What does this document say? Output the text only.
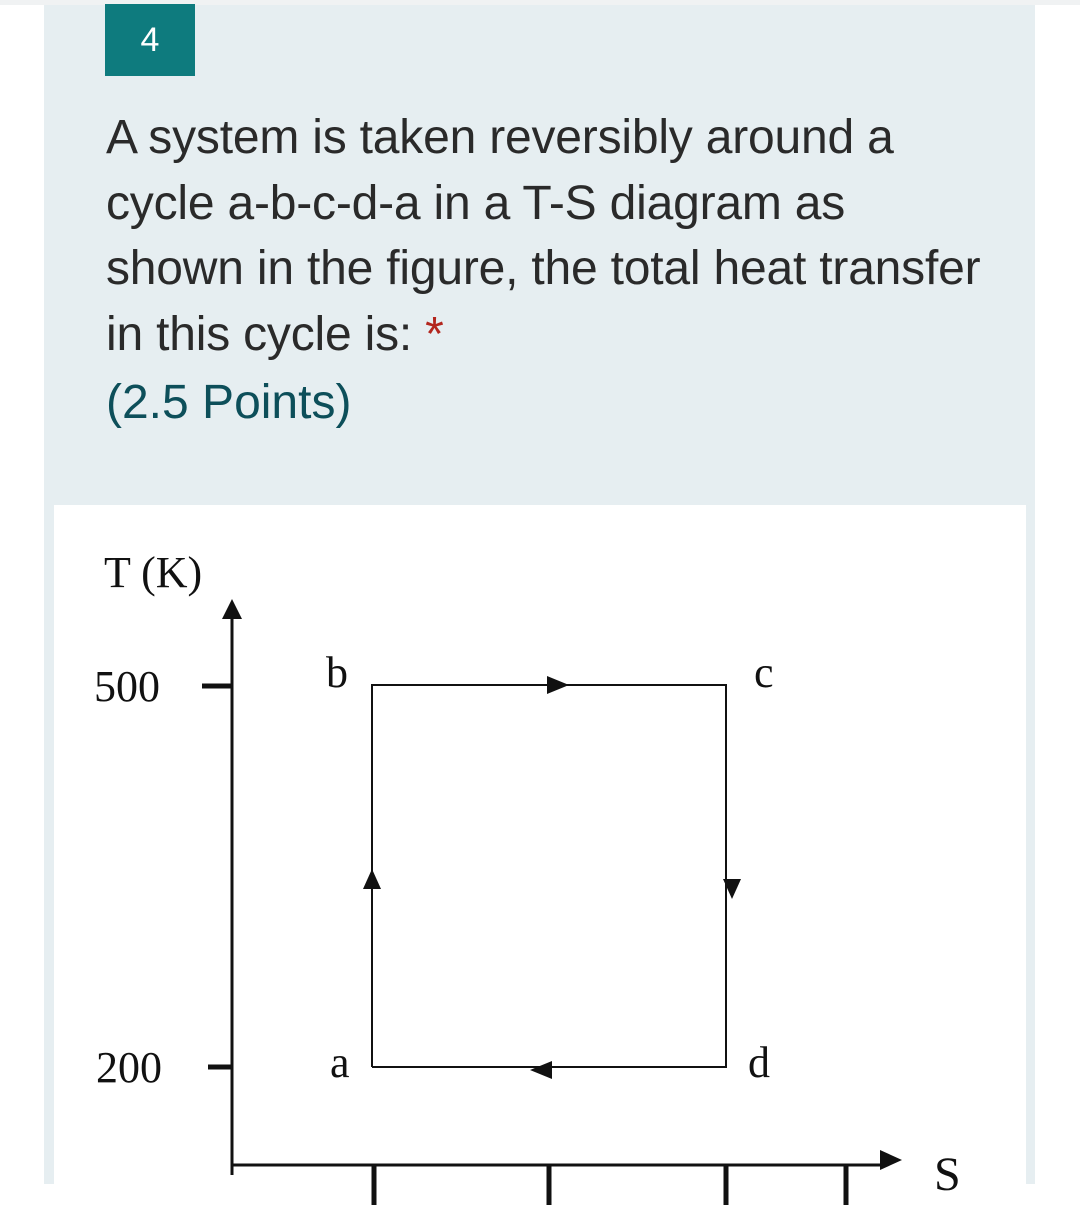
4
A system is taken reversibly around a cycle a-b-c-d-a in a T-S diagram as shown in the figure, the total heat transfer in this cycle is: *
(2.5 Points)
T (K)
500
200
S
b	c
a	d
